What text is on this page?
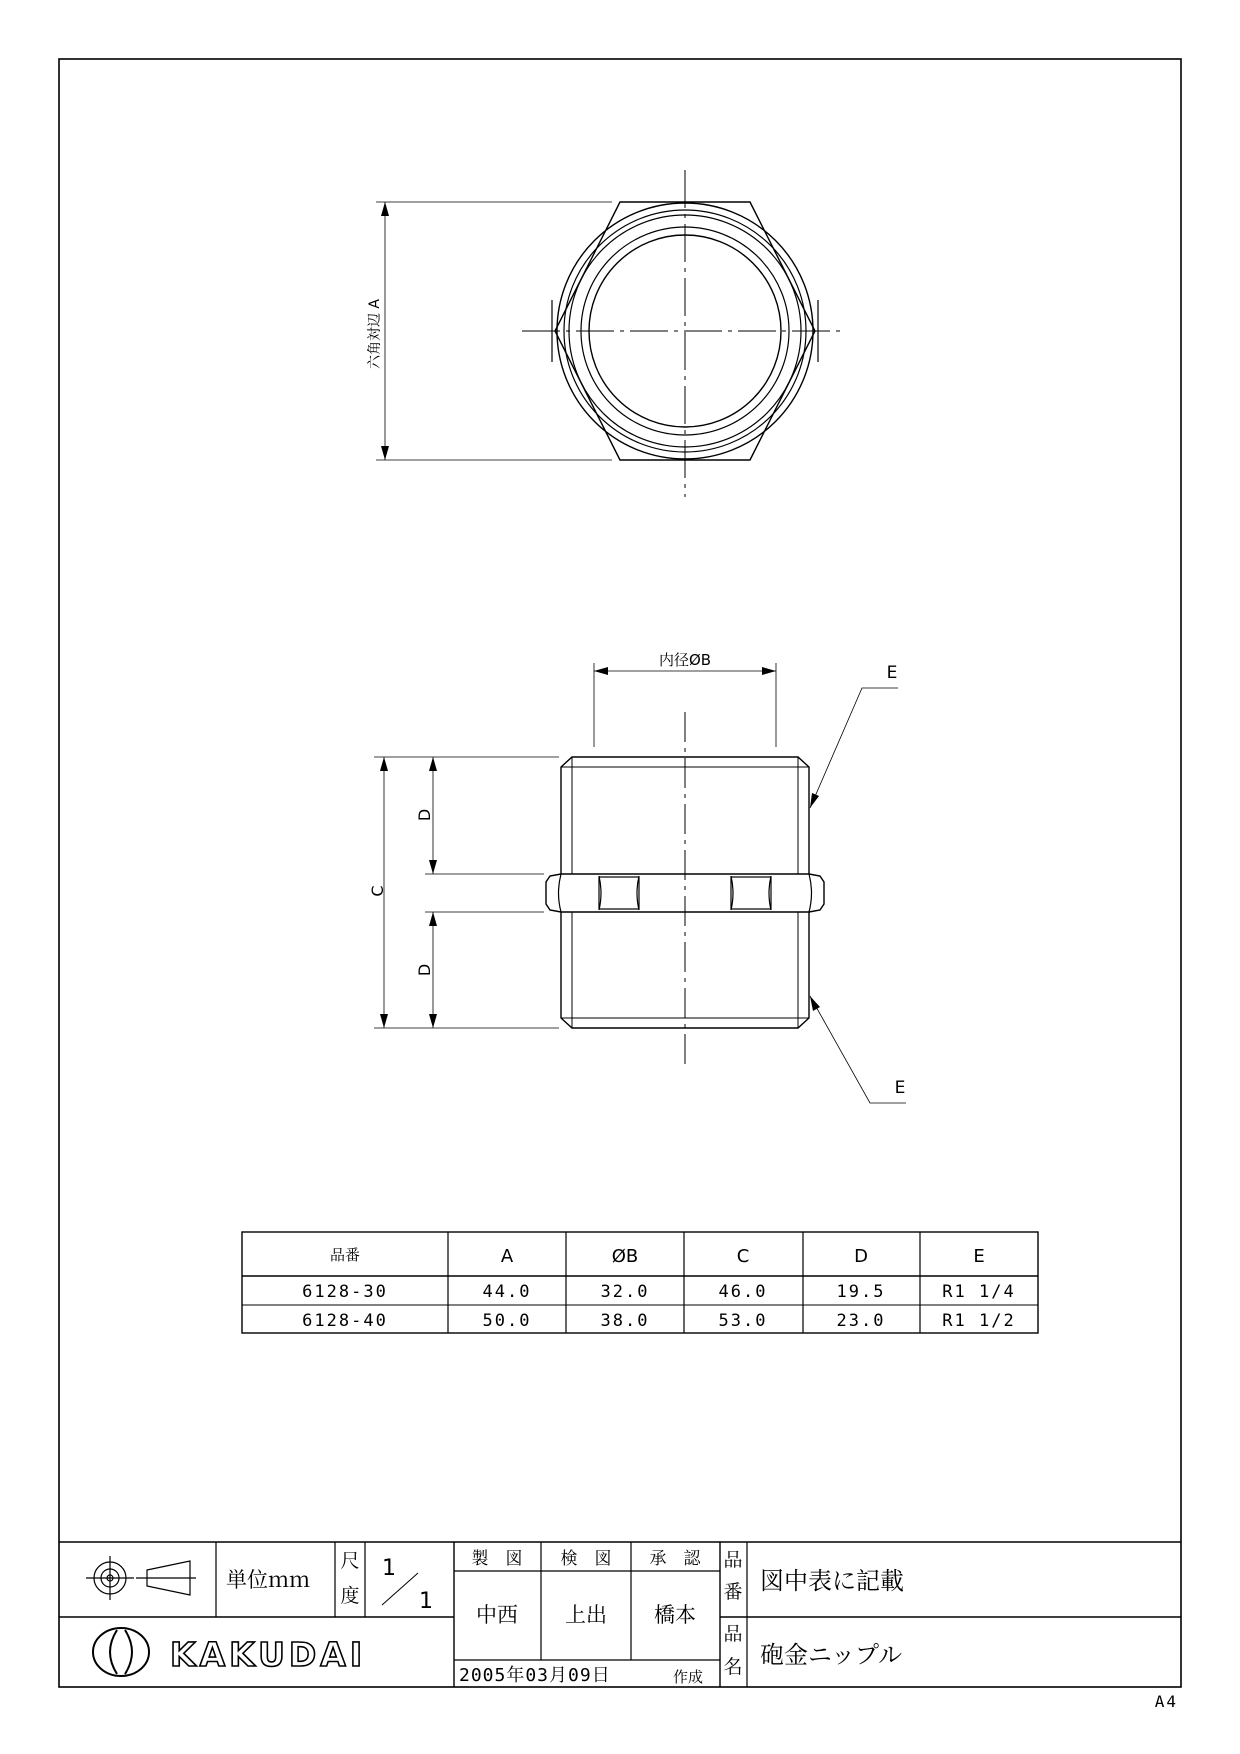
六角対辺 A
内径ØB
C
D
D
E
E
品番	A	ØB	C	D	E
6128-30	44.0	32.0	46.0	19.5	R1 1/4
6128-40	50.0	38.0	53.0	23.0	R1 1/2
単位ｍｍ
尺
度
1
1
製　図 検　図 承　認
中西 上出 橋本
品
番 図中表に記載
品
名 砲金ニップル
2005年03月09日	作成
KAKUDAI
A4
